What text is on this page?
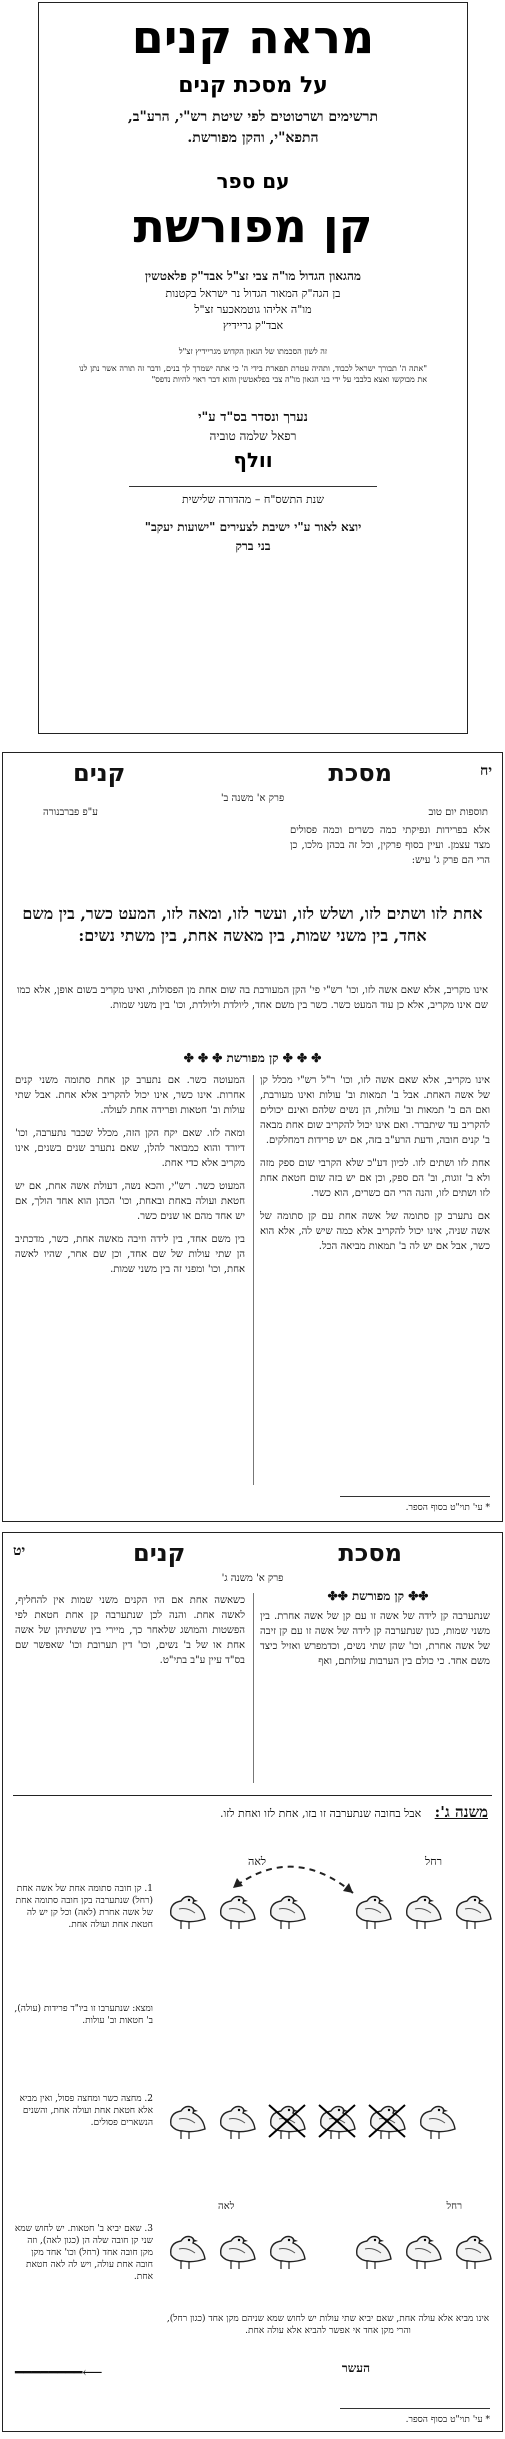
מראה קנים
על מסכת קנים
תרשימים ושרטוטים לפי שיטת רש"י, הרע"ב,
התפא"י, והקן מפורשת.
עם ספר
קן מפורשת
מהגאון הגדול מו"ה צבי זצ"ל אבד"ק פלאטשין
בן הגה"ק המאור הגדול נר ישראל בקטנות
מו"ה אליהו גוטמאכער זצ"ל
אבד"ק גריידיץ
זה לשון הסכמתו של הגאון הקדוש מגריידיץ זצ"ל
"אתה ה' תבורך ישראל לכבוד, ותהיה עטרת תפארת בידי ה' כי אתה ישמרך לך בנים, ודבר זה תורה אשר נתן לנו את מבוקשו ואצא בלבבי על ידי בני הגאון מו"ה צבי בפלאטשין והוא דבר ראוי להיות נדפס"
נערך ונסדר בס"ד ע"י
רפאל שלמה טוביה
וולף
שנת התשס"ח – מהדורה שלישית
יוצא לאור ע"י ישיבת לצעירים "ישועות יעקב"
בני ברק
יח
מסכת
קנים
פרק א' משנה ב'
תוספות יום טוב
ע"פ פברבנורה
אלא בפרידות ונפיקתי כמה כשרים וכמה פסולים מצד עצמן. ועיין בסוף פרקין, וכל זה בכהן מלכו, כן הרי הם פרק ג' עיש:
אחת לזו ושתים לזו, ושלש לזו, ועשר לזו, ומאה לזו, המעט כשר, בין משם אחד, בין משני שמות, בין מאשה אחת, בין משתי נשים:
אינו מקריב, אלא שאם אשה לזו, וכו' רש"י פי' הקן המעורבת בה שום אחת מן הפסולות, ואינו מקריב בשום אופן, אלא כמו שם אינו מקריב, אלא כן עוד המעט כשר. כשר בין משם אחד, ליולדת וליולדת, וכו' בין משני שמות.
✤ ✤ ✤ קן מפורשת ✤ ✤ ✤

אינו מקריב, אלא שאם אשה לזו, וכו' ר"ל רש"י מכלל קן של אשה האחת. אבל ב' תמאות וב' עולות ואינו מעורבת, ואם הם ב' תמאות וב' עולות, הן נשים שלהם ואינם יכולים להקריב עד שיתברר. ואם אינו יכול להקריב שום אחת מבאה ב' קנים חובה, ודעת הרע"ב בזה, אם יש פרידות דמחלקים.

אחת לזו ושתים לזו. לכיון דע"כ שלא הקרבי שום ספק מזה ולא ב' זוגות, וב' הם ספק, וכן אם יש בזה שום חטאת אחת לזו ושתים לזו, והנה הרי הם כשרים, הוא כשר.

אם נתערב קן סתומה של אשה אחת עם קן סתומה של אשה שניה, אינו יכול להקריב אלא כמה שיש לה, אלא הוא כשר, אבל אם יש לה ב' תמאות מביאה הכל.

המעוטה כשר. אם נתערב קן אחת סתומה משני קנים אחרות. אינו כשר, אינו יכול להקריב אלא אחת. אבל שתי עולות וב' חטאות ופרידה אחת לעולה.

ומאה לזו. שאם יקח הקן הזה, מכלל שכבר נתערבה, וכו' דיורד והוא כמבואר להלן, שאם נתערב שנים בשנים, אינו מקריב אלא כדי אחת.

המעוט כשר. רש"י, והכא נשה, דעולת אשה אחת, אם יש חטאת ועולה באחת ובאחת, וכו' הכהן הוא אחד הולך, אם יש אחד מהם או שנים כשר.

בין משם אחד, בין לידה וזיבה מאשה אחת, כשר, מדכתיב הן שתי עולות של שם אחד, וכן שם אחר, שהיו לאשה אחת, וכו' ומפני זה בין משני שמות.

* עי' תוי"ט בסוף הספר.
יט	מסכת
קנים
פרק א' משנה ג'
✤✤ קן מפורשת ✤✤
שנתערבה קן לידה של אשה זו עם קן של אשה אחרת. בין משני שמות, כגון שנתערבה קן לידה של אשה זו עם קן זיבה של אשה אחרת, וכו' שהן שתי נשים, וכדמפרש ואזיל כיצד משם אחד. כי כולם בין הערבות עולותם, ואף
כשאשה אחת אם היו הקנים משני שמות אין להחליף, לאשה אחת. והנה לכן שנתערבה קן אחת חטאת לפי הפשטות והמושג שלאחר כך, מיירי בין ששתיהן של אשה אחת או של ב' נשים, וכו' דין תערובת וכו' שאפשר שם בס"ד עיין ע"ב בתי"ט.
משנה ג': אבל בחובה שנתערבה זו בזו, אחת לזו ואחת לזו.
רחל
לאה
1. קן חובה סתומה אחת של אשה אחת (רחל) שנתערבה בקן חובה סתומה אחת של אשה אחרת (לאה) וכל קן יש לה חטאת אחת ועולה אחת.
ומצא: שנתערבו זו ביו"ד פרידות (עולה), ב' חטאות וב' עולות.
2. מחצה כשר ומחצה פסול, ואין מביא אלא חטאת אחת ועולה אחת, והשנים הנשארים פסולים.
לאה	רחל
3. שאם יביא ב' חטאות. יש לחוש שמא שני קן חובה שלה הן (כגון לאה), וזה מקן חובה אחד (רחל) וכו' אחד מקן חובה אחת עולה, ויש לה לאה חטאת אחת.
אינו מביא אלא עולה אחת, שאם יביא שתי עולות יש לחוש שמא שניהם מקן אחד (כגון רחל), והרי מקן אחד אי אפשר להביא אלא עולה אחת.
העשר
⟵━━━━━━━━
* עי' תוי"ט בסוף הספר.
